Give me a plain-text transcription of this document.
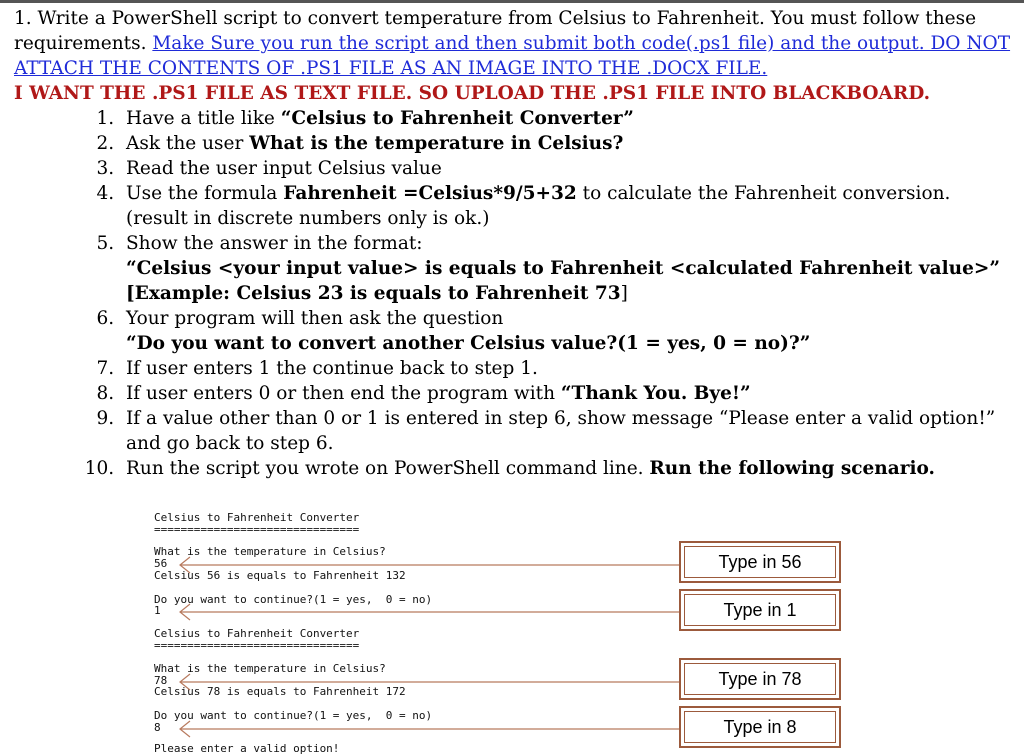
1. Write a PowerShell script to convert temperature from Celsius to Fahrenheit. You must follow these requirements. Make Sure you run the script and then submit both code(.ps1 file) and the output. DO NOT ATTACH THE CONTENTS OF .PS1 FILE AS AN IMAGE INTO THE .DOCX FILE.

I WANT THE .PS1 FILE AS TEXT FILE. SO UPLOAD THE .PS1 FILE INTO BLACKBOARD.

1. Have a title like “Celsius to Fahrenheit Converter”
2. Ask the user What is the temperature in Celsius?
3. Read the user input Celsius value
4. Use the formula Fahrenheit =Celsius*9/5+32 to calculate the Fahrenheit conversion. (result in discrete numbers only is ok.)
5. Show the answer in the format:
“Celsius <your input value> is equals to Fahrenheit <calculated Fahrenheit value>”
[Example: Celsius 23 is equals to Fahrenheit 73]
6. Your program will then ask the question
“Do you want to convert another Celsius value?(1 = yes, 0 = no)?”
7. If user enters 1 the continue back to step 1.
8. If user enters 0 or then end the program with “Thank You. Bye!”
9. If a value other than 0 or 1 is entered in step 6, show message “Please enter a valid option!” and go back to step 6.
10. Run the script you wrote on PowerShell command line. Run the following scenario.
Celsius to Fahrenheit Converter
===============================
What is the temperature in Celsius?
56
Celsius 56 is equals to Fahrenheit 132
Do you want to continue?(1 = yes,  0 = no)
1
Celsius to Fahrenheit Converter
===============================
What is the temperature in Celsius?
78
Celsius 78 is equals to Fahrenheit 172
Do you want to continue?(1 = yes,  0 = no)
8
Please enter a valid option!
Type in 56
Type in 1
Type in 78
Type in 8
